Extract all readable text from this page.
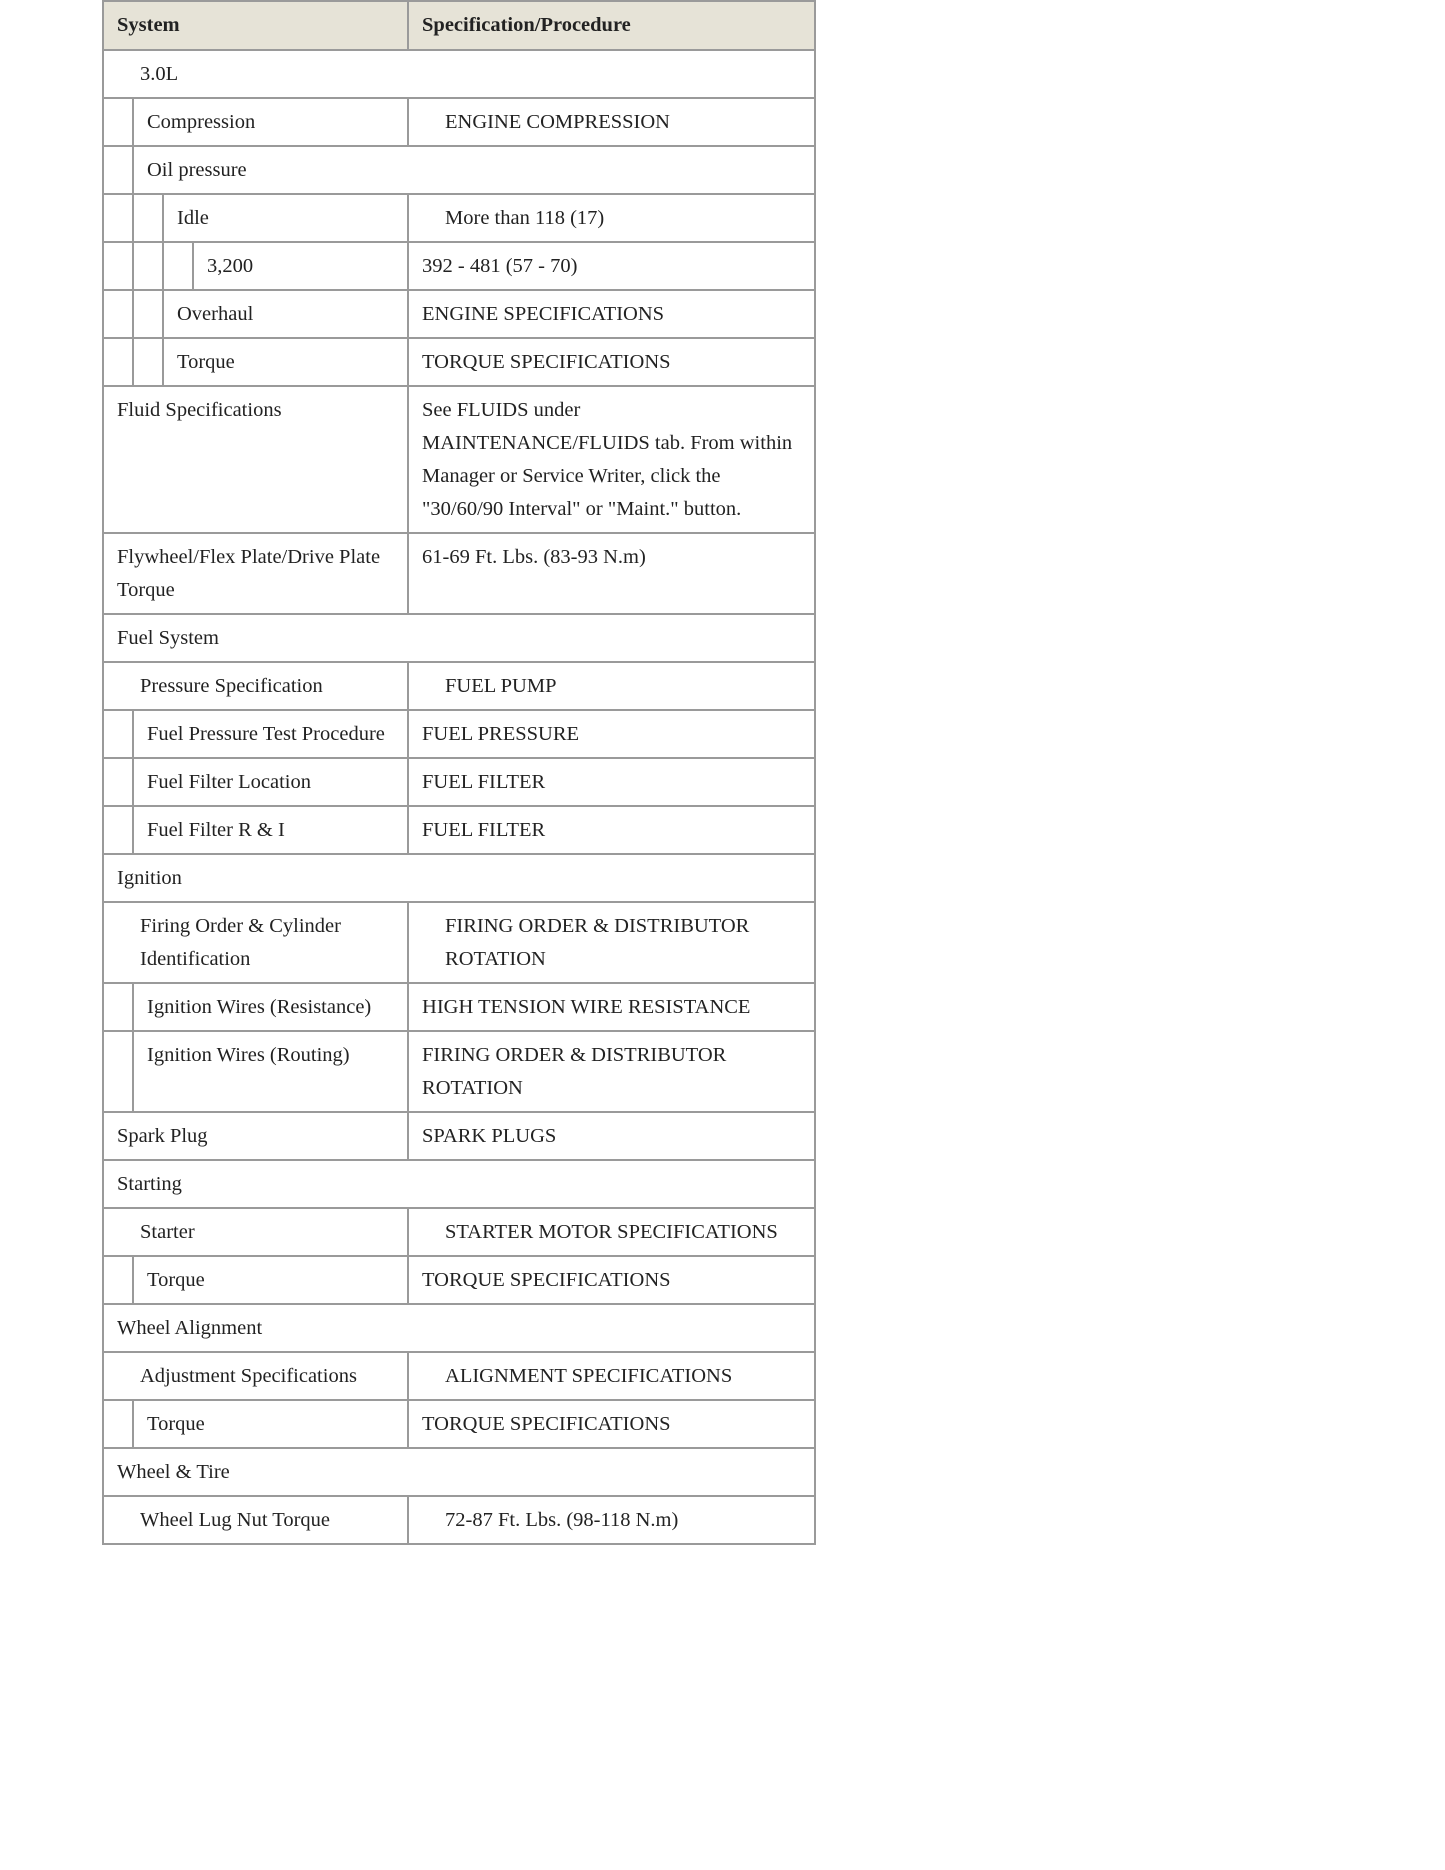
System				Specification/Procedure
3.0L				
	Compression			ENGINE COMPRESSION
	Oil pressure			
		Idle		More than 118 (17)
			3,200	392 - 481 (57 - 70)
		Overhaul		ENGINE SPECIFICATIONS
		Torque		TORQUE SPECIFICATIONS
Fluid Specifications				See FLUIDS under MAINTENANCE/FLUIDS tab. From within Manager or Service Writer, click the "30/60/90 Interval" or "Maint." button.
Flywheel/Flex Plate/Drive Plate Torque				61-69 Ft. Lbs. (83-93 N.m)
Fuel System				
Pressure Specification				FUEL PUMP
	Fuel Pressure Test Procedure			FUEL PRESSURE
	Fuel Filter Location			FUEL FILTER
	Fuel Filter R & I			FUEL FILTER
Ignition				
Firing Order & Cylinder Identification				FIRING ORDER & DISTRIBUTOR ROTATION
	Ignition Wires (Resistance)			HIGH TENSION WIRE RESISTANCE
	Ignition Wires (Routing)			FIRING ORDER & DISTRIBUTOR ROTATION
Spark Plug				SPARK PLUGS
Starting				
Starter				STARTER MOTOR SPECIFICATIONS
	Torque			TORQUE SPECIFICATIONS
Wheel Alignment				
Adjustment Specifications				ALIGNMENT SPECIFICATIONS
	Torque			TORQUE SPECIFICATIONS
Wheel & Tire				
Wheel Lug Nut Torque				72-87 Ft. Lbs. (98-118 N.m)
